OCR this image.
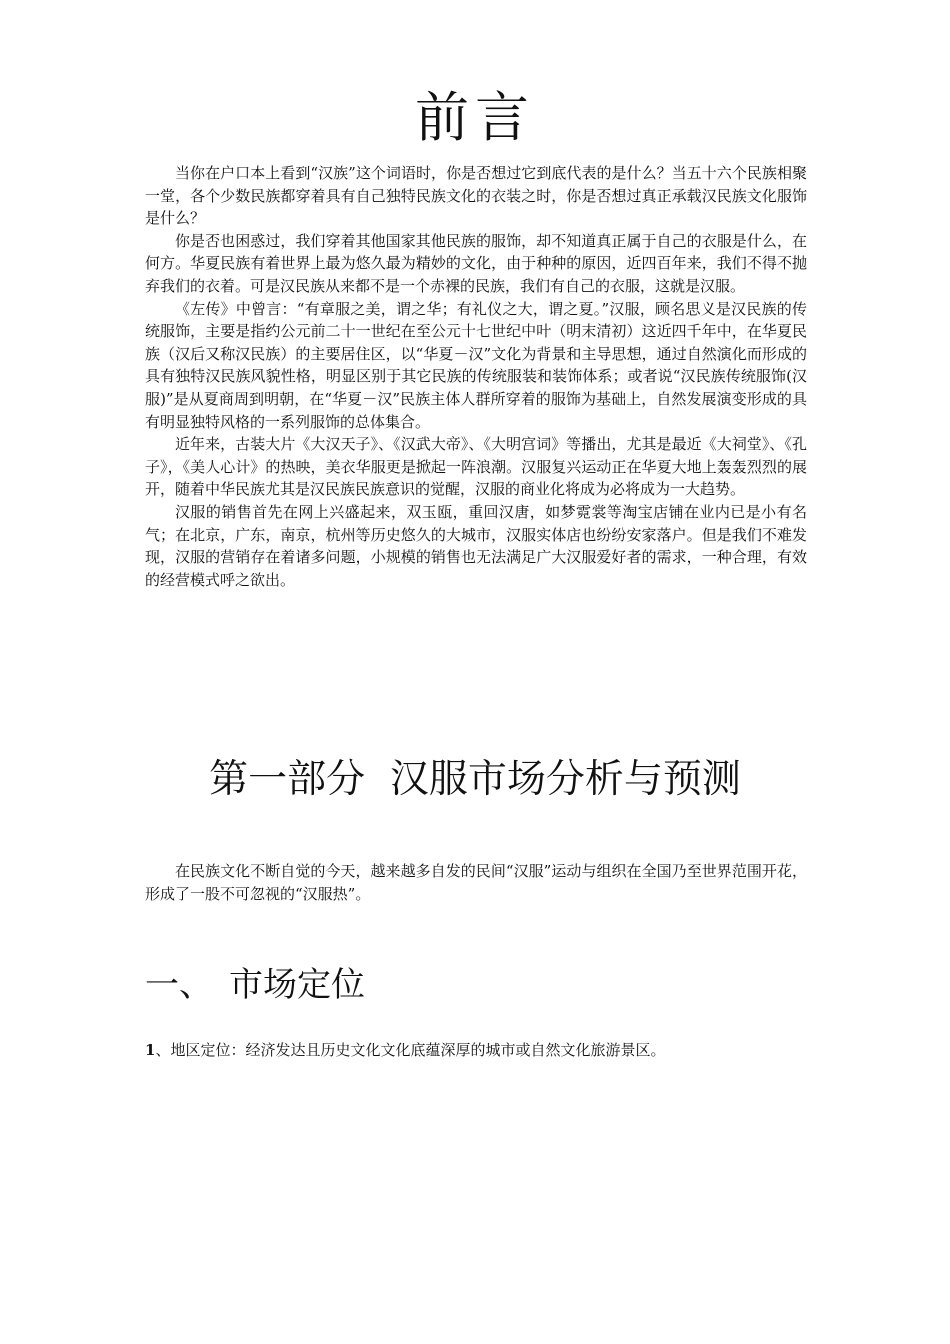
前言

当你在户口本上看到“汉族”这个词语时，你是否想过它到底代表的是什么？当五十六个民族相聚一堂，各个少数民族都穿着具有自己独特民族文化的衣装之时，你是否想过真正承载汉民族文化服饰是什么？

你是否也困惑过，我们穿着其他国家其他民族的服饰，却不知道真正属于自己的衣服是什么，在何方。华夏民族有着世界上最为悠久最为精妙的文化，由于种种的原因，近四百年来，我们不得不抛弃我们的衣着。可是汉民族从来都不是一个赤裸的民族，我们有自己的衣服，这就是汉服。

《左传》中曾言：“有章服之美，谓之华；有礼仪之大，谓之夏。”汉服，顾名思义是汉民族的传统服饰，主要是指约公元前二十一世纪在至公元十七世纪中叶（明末清初）这近四千年中，在华夏民族（汉后又称汉民族）的主要居住区，以“华夏－汉”文化为背景和主导思想，通过自然演化而形成的具有独特汉民族风貌性格，明显区别于其它民族的传统服装和装饰体系；或者说“汉民族传统服饰(汉服)”是从夏商周到明朝，在“华夏－汉”民族主体人群所穿着的服饰为基础上，自然发展演变形成的具有明显独特风格的一系列服饰的总体集合。

近年来，古装大片《大汉天子》、《汉武大帝》、《大明宫词》等播出，尤其是最近《大祠堂》、《孔子》，《美人心计》的热映，美衣华服更是掀起一阵浪潮。汉服复兴运动正在华夏大地上轰轰烈烈的展开，随着中华民族尤其是汉民族民族意识的觉醒，汉服的商业化将成为必将成为一大趋势。

汉服的销售首先在网上兴盛起来，双玉瓯，重回汉唐，如梦霓裳等淘宝店铺在业内已是小有名气；在北京，广东，南京，杭州等历史悠久的大城市，汉服实体店也纷纷安家落户。但是我们不难发现，汉服的营销存在着诸多问题，小规模的销售也无法满足广大汉服爱好者的需求，一种合理，有效的经营模式呼之欲出。

第一部分  汉服市场分析与预测

在民族文化不断自觉的今天，越来越多自发的民间“汉服”运动与组织在全国乃至世界范围开花，形成了一股不可忽视的“汉服热”。

一、 市场定位

1、地区定位：经济发达且历史文化文化底蕴深厚的城市或自然文化旅游景区。
